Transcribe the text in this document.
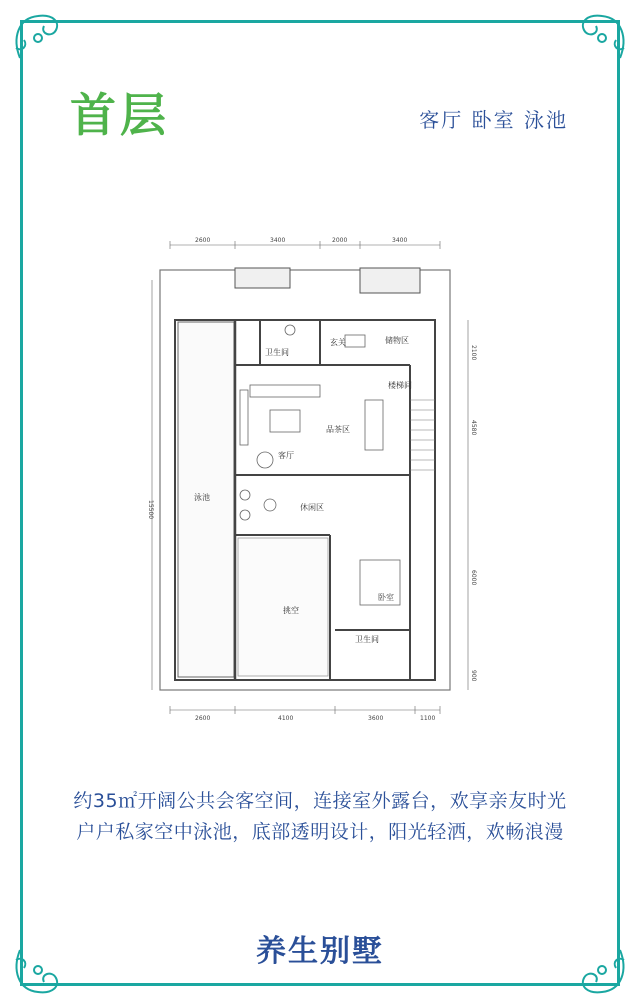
首层	客厅 卧室 泳池
2600	3400	2000	3400
2600	4100	3600	1100
15500
2100
4580
6000
900
卫生间
玄关	储物区
楼梯间
品茶区
客厅
泳池
休闲区
挑空
卧室
卫生间
约35㎡开阔公共会客空间，连接室外露台，欢享亲友时光
户户私家空中泳池，底部透明设计，阳光轻洒，欢畅浪漫
养生别墅
